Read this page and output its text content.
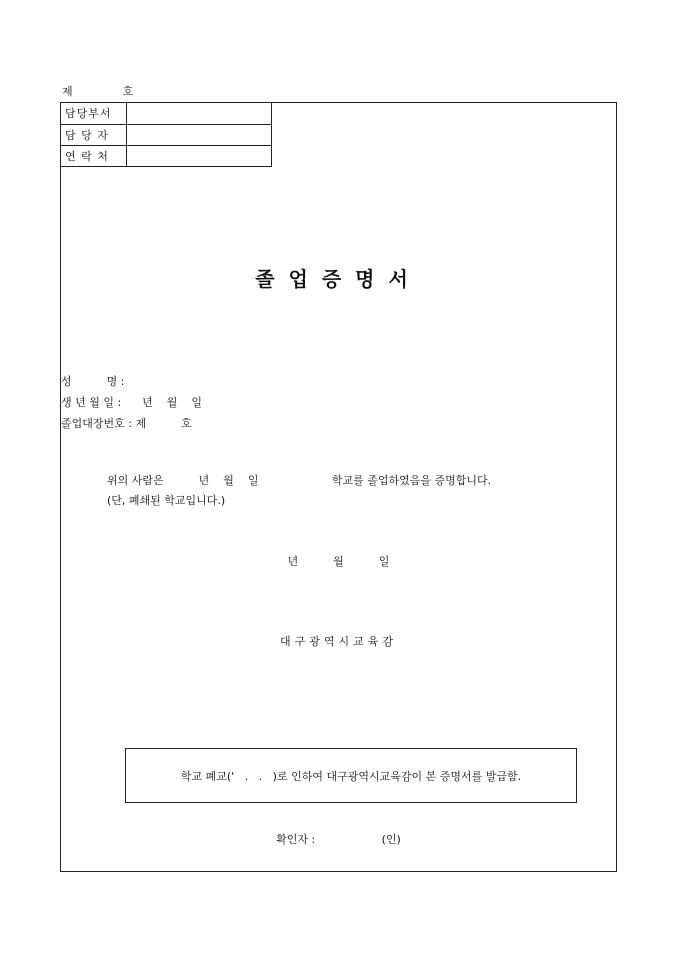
제	호
담당부서	
담 당 자	
연 락 처	
졸업증명서
성          명 :
생 년 월 일 :      년    월    일
졸업대장번호 : 제          호
위의 사람은          년    월    일                     학교를 졸업하였음을 증명합니다.
(단, 폐쇄된 학교입니다.)
년          월          일
대구광역시교육감
학교 폐교('   .   .   )로 인하여 대구광역시교육감이 본 증명서를 발급함.
확인자 :                   (인)
